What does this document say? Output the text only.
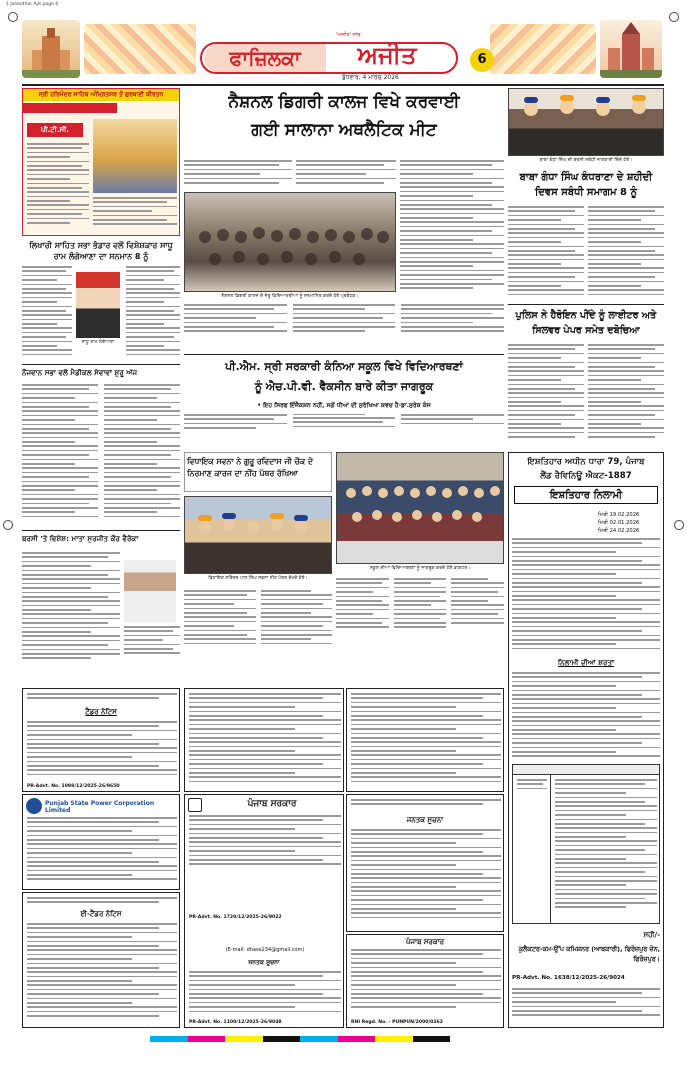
1 Jalandhar Ajit page 6
ਫਾਜ਼ਿਲਕਾ	ਅਜੀਤ
'ਅਜੀਤ' ਜਾਂਚ
ਬੁੱਧਵਾਰ, 4 ਮਾਰਚ 2026
6
ਸ੍ਰੀ ਹਰਿਮੰਦਰ ਸਾਹਿਬ ਅੰਮ੍ਰਿਤਸਰ ਤੋਂ ਗੁਰਬਾਣੀ ਕੀਰਤਨ
ਪੀ.ਟੀ.ਸੀ.
ਨੈਸ਼ਨਲ ਡਿਗਰੀ ਕਾਲਜ ਵਿਖੇ ਕਰਵਾਈ
ਗਈ ਸਾਲਾਨਾ ਅਥਲੈਟਿਕ ਮੀਟ
ਨੈਸ਼ਨਲ ਡਿਗਰੀ ਕਾਲਜ ਦੇ ਜੇਤੂ ਵਿਦਿਆਰਥੀਆਂ ਨੂੰ ਸਨਮਾਨਿਤ ਕਰਦੇ ਹੋਏ ਪ੍ਰਬੰਧਕ।
ਲਿਖਾਰੀ ਸਾਹਿਤ ਸਭਾ ਭੰਡਾਰ ਵਲੋਂ ਵਿਸ਼ੇਸ਼ਕਾਰ ਸਾਧੂ ਰਾਮ ਲੰਗੇਆਣਾ ਦਾ ਸਨਮਾਨ 8 ਨੂੰ
ਸਾਧੂ ਰਾਮ ਲੰਗੇਆਣਾ
ਨੌਜਵਾਨ ਸਭਾ ਵਲੋਂ ਮੈਡੀਕਲ ਸੇਵਾਵਾਂ ਸ਼ੁਰੂ ਅੱਜ
ਬਰਸੀ 'ਤੇ ਵਿਸ਼ੇਸ਼: ਮਾਤਾ ਸੁਰਜੀਤ ਕੌਰ ਵੈਰੋਕਾ
ਬਾਬਾ ਗੰਧਾ ਸਿੰਘ ਦੀ ਬਰਸੀ ਸਬੰਧੀ ਜਾਣਕਾਰੀ ਦਿੰਦੇ ਹੋਏ।
ਬਾਬਾ ਗੰਧਾ ਸਿੰਘ ਕੰਧਰਾਣਾ ਦੇ ਸ਼ਹੀਦੀ ਦਿਵਸ ਸਬੰਧੀ ਸਮਾਗਮ 8 ਨੂੰ
ਪੁਲਿਸ ਨੇ ਹੈਰੋਇਨ ਪੀਂਦੇ ਨੂੰ ਲਾਈਟਰ ਅਤੇ ਸਿਲਵਰ ਪੇਪਰ ਸਮੇਤ ਦਬੋਚਿਆ
ਪੀ.ਐਮ. ਸ੍ਰੀ ਸਰਕਾਰੀ ਕੰਨਿਆ ਸਕੂਲ ਵਿਖੇ ਵਿਦਿਆਰਥਣਾਂ
ਨੂੰ ਐਚ.ਪੀ.ਵੀ. ਵੈਕਸੀਨ ਬਾਰੇ ਕੀਤਾ ਜਾਗਰੂਕ
• ਇਹ ਸਿਰਫ ਇੰਜੈਕਸ਼ਨ ਨਹੀਂ, ਸਗੋਂ ਧੀਆਂ ਦੀ ਸੁਰੱਖਿਆ ਕਵਚ ਹੈ-ਡਾ.ਸੁਰੇਸ਼ ਕੰਜ
ਵਿਧਾਇਕ ਸਵਨਾ ਨੇ ਗੁਰੂ ਰਵਿਦਾਸ ਜੀ ਚੌਕ ਦੇ ਨਿਰਮਾਣ ਕਾਰਜ ਦਾ ਨੀਂਹ ਪੱਥਰ ਰੱਖਿਆ
ਸਕੂਲ ਦੀਆਂ ਵਿਦਿਆਰਥਣਾਂ ਨੂੰ ਜਾਗਰੂਕ ਕਰਦੇ ਹੋਏ ਡਾਕਟਰ।
ਵਿਧਾਇਕ ਨਰਿੰਦਰ ਪਾਲ ਸਿੰਘ ਸਵਨਾ ਨੀਂਹ ਪੱਥਰ ਰੱਖਦੇ ਹੋਏ।
ਇਸ਼ਤਿਹਾਰ ਅਧੀਨ ਧਾਰਾ 79, ਪੰਜਾਬ
ਲੈਂਡ ਰੈਵਿਨਿਊ ਐਕਟ-1887
ਇਸ਼ਤਿਹਾਰ ਨਿਲਾਮੀ
ਮਿਤੀ 19.02.2026
ਮਿਤੀ 02.01.2026
ਮਿਤੀ 24.02.2026
ਨਿਲਾਮੀ ਦੀਆਂ ਸ਼ਰਤਾਂ
ਸਹੀ/-
ਕੁਲੈਕਟਰ-ਕਮ-ਉੱਪ ਕਮਿਸ਼ਨਰ (ਆਬਕਾਰੀ), ਫਿਰੋਜ਼ਪੁਰ ਜ਼ੋਨ, ਫਿਰੋਜ਼ਪੁਰ।
PR-Advt. No. 1638/12/2025-26/9024
ਟੈਂਡਰ ਨੋਟਿਸ
PR-Advt. No. 1098/12/2025-26/9650
Punjab State Power Corporation Limited
ਈ-ਟੈਂਡਰ ਨੋਟਿਸ
ਪੰਜਾਬ ਸਰਕਾਰ
PR-Advt. No. 1720/12/2025-26/9022
(E-mail: dhase234@gmail.com)
ਜਨਤਕ ਸੂਚਨਾ
PR-Advt. No. 1100/12/2025-26/9048
ਜਨਤਕ ਸੂਚਨਾ
ਪੰਜਾਬ ਸਰਕਾਰ
RNI Regd. No. - PUNPUN/2000/0262
